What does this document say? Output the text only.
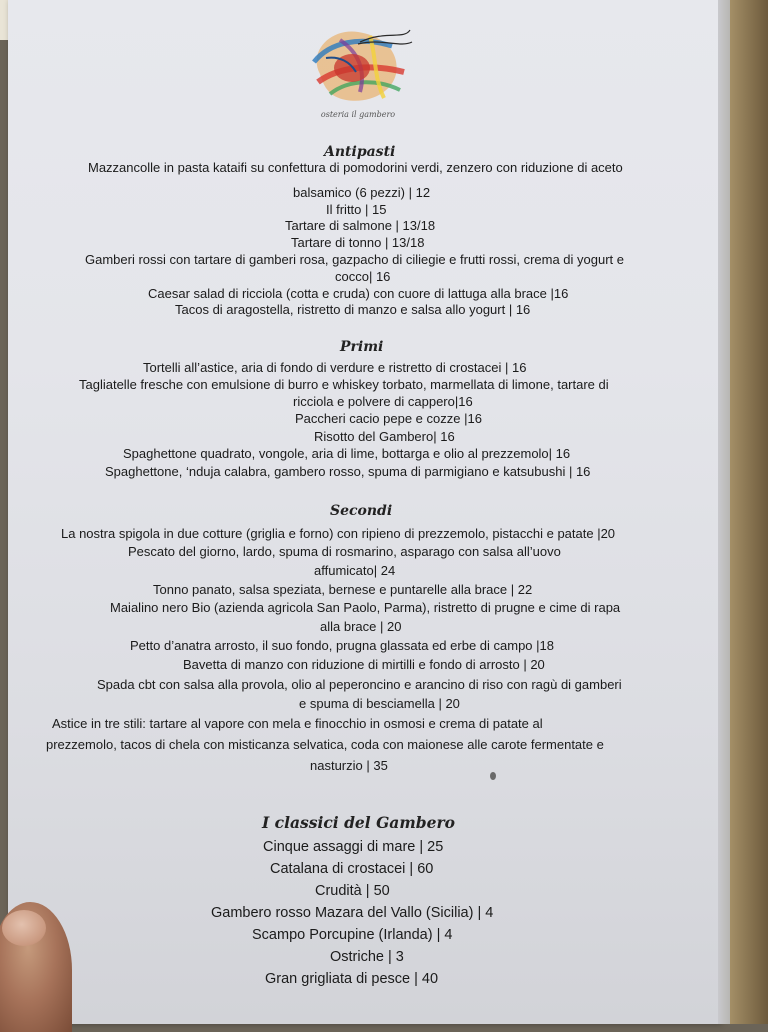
osteria il gambero
Antipasti
Mazzancolle in pasta kataifi su confettura di pomodorini verdi, zenzero con riduzione di aceto
balsamico (6 pezzi) | 12
Il fritto | 15
Tartare di salmone | 13/18
Tartare di tonno | 13/18
Gamberi rossi con tartare di gamberi rosa, gazpacho di ciliegie e frutti rossi, crema di yogurt e
cocco| 16
Caesar salad di ricciola (cotta e cruda) con cuore di lattuga alla brace |16
Tacos di aragostella, ristretto di manzo e salsa allo yogurt | 16
Primi
Tortelli all’astice, aria di fondo di verdure e ristretto di crostacei | 16
Tagliatelle fresche con emulsione di burro e whiskey torbato, marmellata di limone, tartare di
ricciola e polvere di cappero|16
Paccheri cacio pepe e cozze |16
Risotto del Gambero| 16
Spaghettone quadrato, vongole, aria di lime, bottarga e olio al prezzemolo| 16
Spaghettone, ‘nduja calabra, gambero rosso, spuma di parmigiano e katsubushi | 16
Secondi
La nostra spigola in due cotture (griglia e forno) con ripieno di prezzemolo, pistacchi e patate |20
Pescato del giorno, lardo, spuma di rosmarino, asparago con salsa all’uovo
affumicato| 24
Tonno panato, salsa speziata, bernese e puntarelle alla brace | 22
Maialino nero Bio (azienda agricola San Paolo, Parma), ristretto di prugne e cime di rapa
alla brace | 20
Petto d’anatra arrosto, il suo fondo, prugna glassata ed erbe di campo |18
Bavetta di manzo con riduzione di mirtilli e fondo di arrosto | 20
Spada cbt con salsa alla provola, olio al peperoncino e arancino di riso con ragù di gamberi
e spuma di besciamella | 20
Astice in tre stili: tartare al vapore con mela e finocchio in osmosi e crema di patate al
prezzemolo, tacos di chela con misticanza selvatica, coda con maionese alle carote fermentate e
nasturzio | 35
I classici del Gambero
Cinque assaggi di mare | 25
Catalana di crostacei | 60
Crudità | 50
Gambero rosso Mazara del Vallo (Sicilia) | 4
Scampo Porcupine (Irlanda) | 4
Ostriche | 3
Gran grigliata di pesce | 40
